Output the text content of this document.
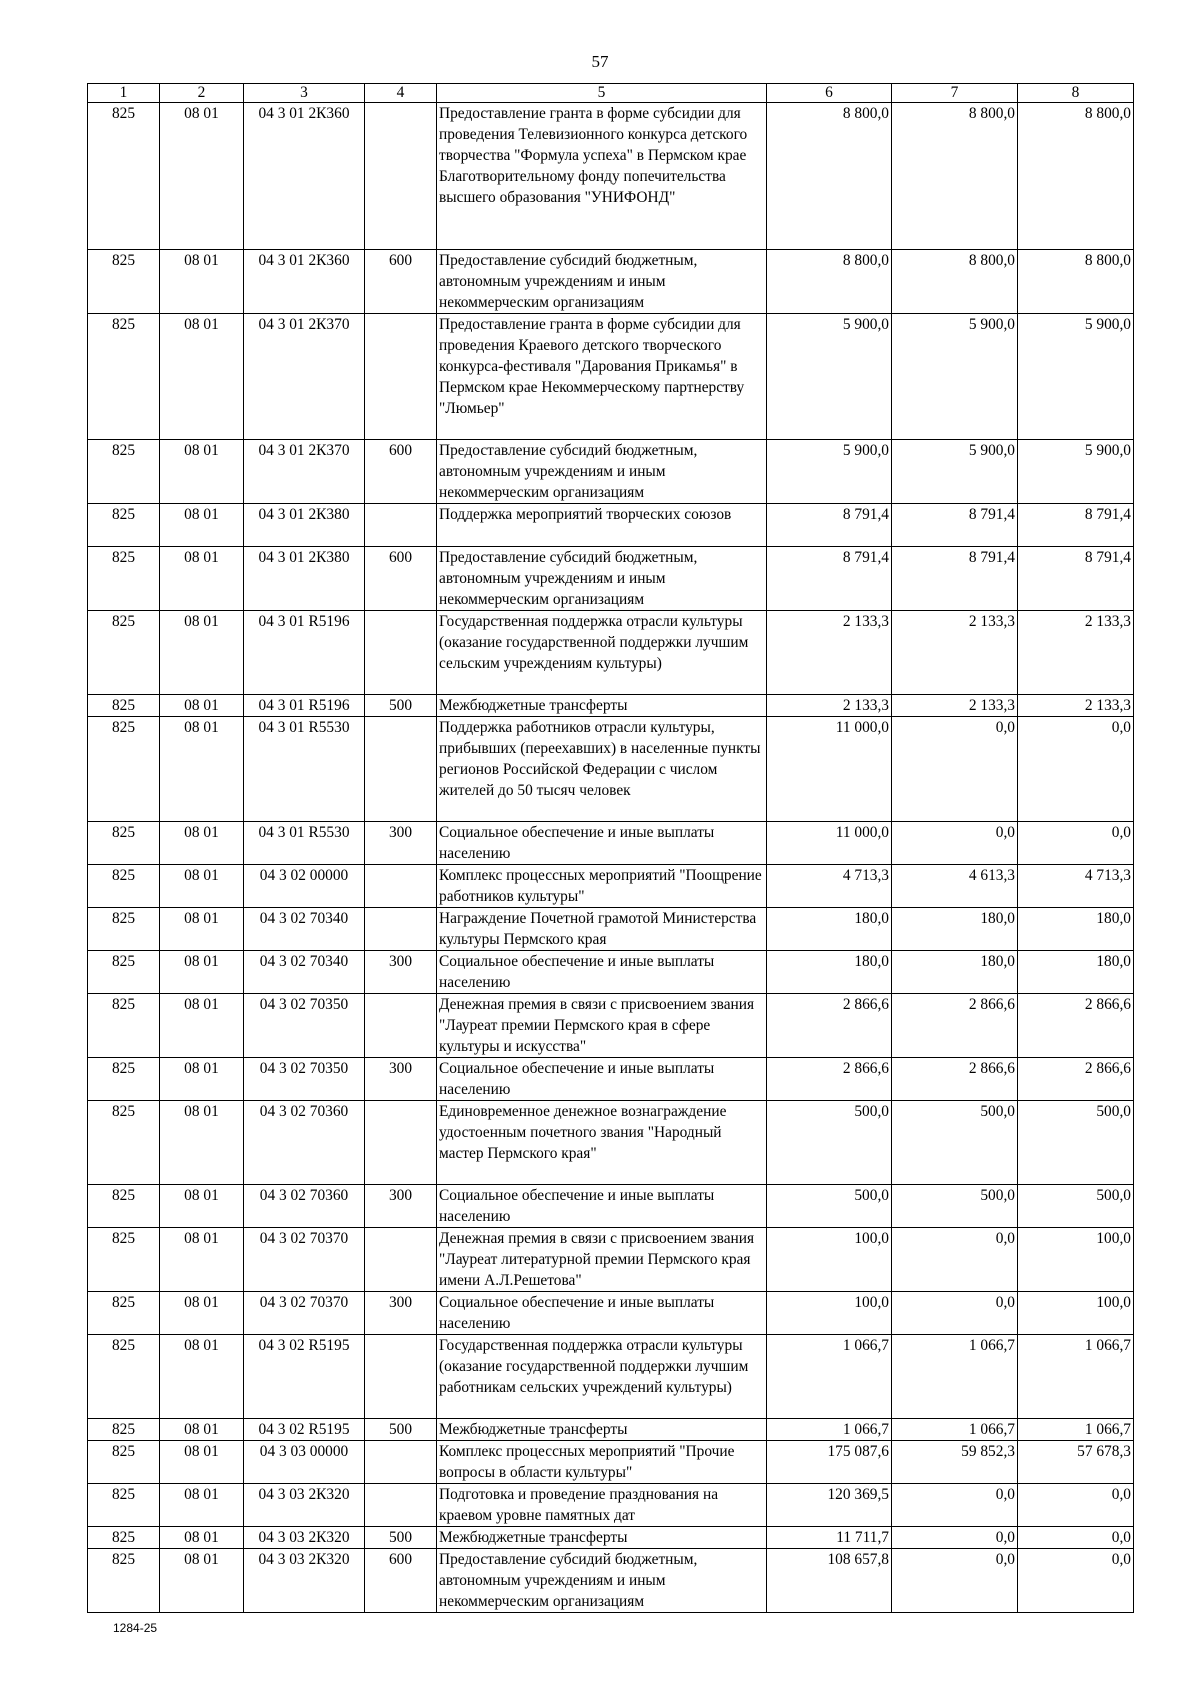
57
1	2	3	4	5	6	7	8
825	08 01	04 3 01 2К360		Предоставление гранта в форме субсидии для проведения Телевизионного конкурса детского творчества "Формула успеха" в Пермском крае Благотворительному фонду попечительства высшего образования "УНИФОНД"	8 800,0	8 800,0	8 800,0
825	08 01	04 3 01 2К360	600	Предоставление субсидий бюджетным, автономным учреждениям и иным некоммерческим организациям	8 800,0	8 800,0	8 800,0
825	08 01	04 3 01 2К370		Предоставление гранта в форме субсидии для проведения Краевого детского творческого конкурса-фестиваля "Дарования Прикамья" в Пермском крае Некоммерческому партнерству "Люмьер"	5 900,0	5 900,0	5 900,0
825	08 01	04 3 01 2К370	600	Предоставление субсидий бюджетным, автономным учреждениям и иным некоммерческим организациям	5 900,0	5 900,0	5 900,0
825	08 01	04 3 01 2К380		Поддержка мероприятий творческих союзов	8 791,4	8 791,4	8 791,4
825	08 01	04 3 01 2К380	600	Предоставление субсидий бюджетным, автономным учреждениям и иным некоммерческим организациям	8 791,4	8 791,4	8 791,4
825	08 01	04 3 01 R5196		Государственная поддержка отрасли культуры (оказание государственной поддержки лучшим сельским учреждениям культуры)	2 133,3	2 133,3	2 133,3
825	08 01	04 3 01 R5196	500	Межбюджетные трансферты	2 133,3	2 133,3	2 133,3
825	08 01	04 3 01 R5530		Поддержка работников отрасли культуры, прибывших (переехавших) в населенные пункты регионов Российской Федерации с числом жителей до 50 тысяч человек	11 000,0	0,0	0,0
825	08 01	04 3 01 R5530	300	Социальное обеспечение и иные выплаты населению	11 000,0	0,0	0,0
825	08 01	04 3 02 00000		Комплекс процессных мероприятий "Поощрение работников культуры"	4 713,3	4 613,3	4 713,3
825	08 01	04 3 02 70340		Награждение Почетной грамотой Министерства культуры Пермского края	180,0	180,0	180,0
825	08 01	04 3 02 70340	300	Социальное обеспечение и иные выплаты населению	180,0	180,0	180,0
825	08 01	04 3 02 70350		Денежная премия в связи с присвоением звания "Лауреат премии Пермского края в сфере культуры и искусства"	2 866,6	2 866,6	2 866,6
825	08 01	04 3 02 70350	300	Социальное обеспечение и иные выплаты населению	2 866,6	2 866,6	2 866,6
825	08 01	04 3 02 70360		Единовременное денежное вознаграждение удостоенным почетного звания "Народный мастер Пермского края"	500,0	500,0	500,0
825	08 01	04 3 02 70360	300	Социальное обеспечение и иные выплаты населению	500,0	500,0	500,0
825	08 01	04 3 02 70370		Денежная премия в связи с присвоением звания "Лауреат литературной премии Пермского края имени А.Л.Решетова"	100,0	0,0	100,0
825	08 01	04 3 02 70370	300	Социальное обеспечение и иные выплаты населению	100,0	0,0	100,0
825	08 01	04 3 02 R5195		Государственная поддержка отрасли культуры (оказание государственной поддержки лучшим работникам сельских учреждений культуры)	1 066,7	1 066,7	1 066,7
825	08 01	04 3 02 R5195	500	Межбюджетные трансферты	1 066,7	1 066,7	1 066,7
825	08 01	04 3 03 00000		Комплекс процессных мероприятий "Прочие вопросы в области культуры"	175 087,6	59 852,3	57 678,3
825	08 01	04 3 03 2К320		Подготовка и проведение празднования на краевом уровне памятных дат	120 369,5	0,0	0,0
825	08 01	04 3 03 2К320	500	Межбюджетные трансферты	11 711,7	0,0	0,0
825	08 01	04 3 03 2К320	600	Предоставление субсидий бюджетным, автономным учреждениям и иным некоммерческим организациям	108 657,8	0,0	0,0
1284-25
